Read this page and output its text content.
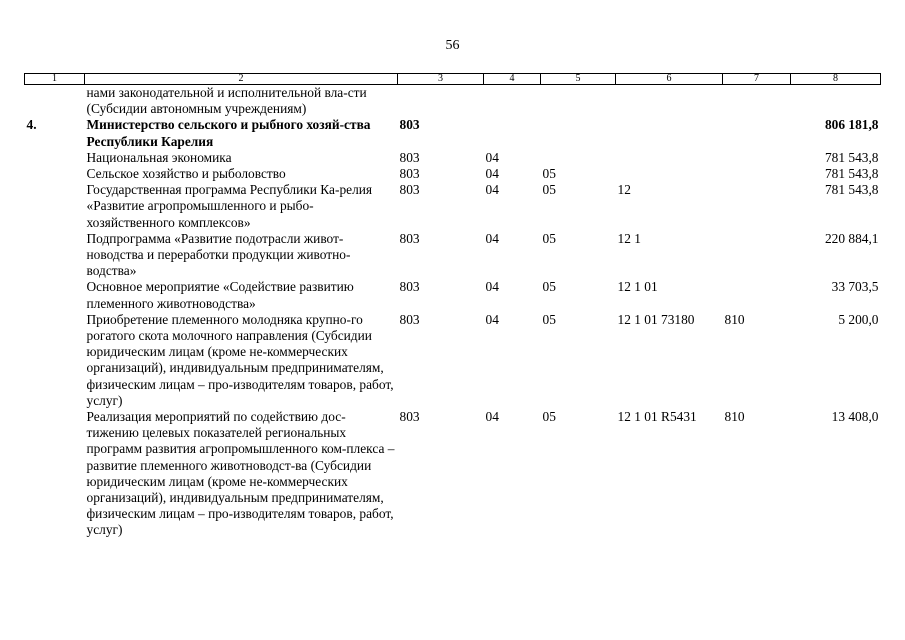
56
1	2	3	4	5	6	7	8
	нами законодательной и исполнительной вла-сти (Субсидии автономным учреждениям)						
4.	Министерство сельского и рыбного хозяй-ства Республики Карелия	803					806 181,8
	Национальная экономика	803	04				781 543,8
	Сельское хозяйство и рыболовство	803	04	05			781 543,8
	Государственная программа Республики Ка-релия «Развитие агропромышленного и рыбо-хозяйственного комплексов»	803	04	05	12		781 543,8
	Подпрограмма «Развитие подотрасли живот-новодства и переработки продукции животно-водства»	803	04	05	12 1		220 884,1
	Основное мероприятие «Содействие развитию племенного животноводства»	803	04	05	12 1 01		33 703,5
	Приобретение племенного молодняка крупно-го рогатого скота молочного направления (Субсидии юридическим лицам (кроме не-коммерческих организаций), индивидуальным предпринимателям, физическим лицам – про-изводителям товаров, работ, услуг)	803	04	05	12 1 01 73180	810	5 200,0
	Реализация мероприятий по содействию дос-тижению целевых показателей региональных программ развития агропромышленного ком-плекса – развитие племенного животноводст-ва (Субсидии юридическим лицам (кроме не-коммерческих организаций), индивидуальным предпринимателям, физическим лицам – про-изводителям товаров, работ, услуг)	803	04	05	12 1 01 R5431	810	13 408,0
